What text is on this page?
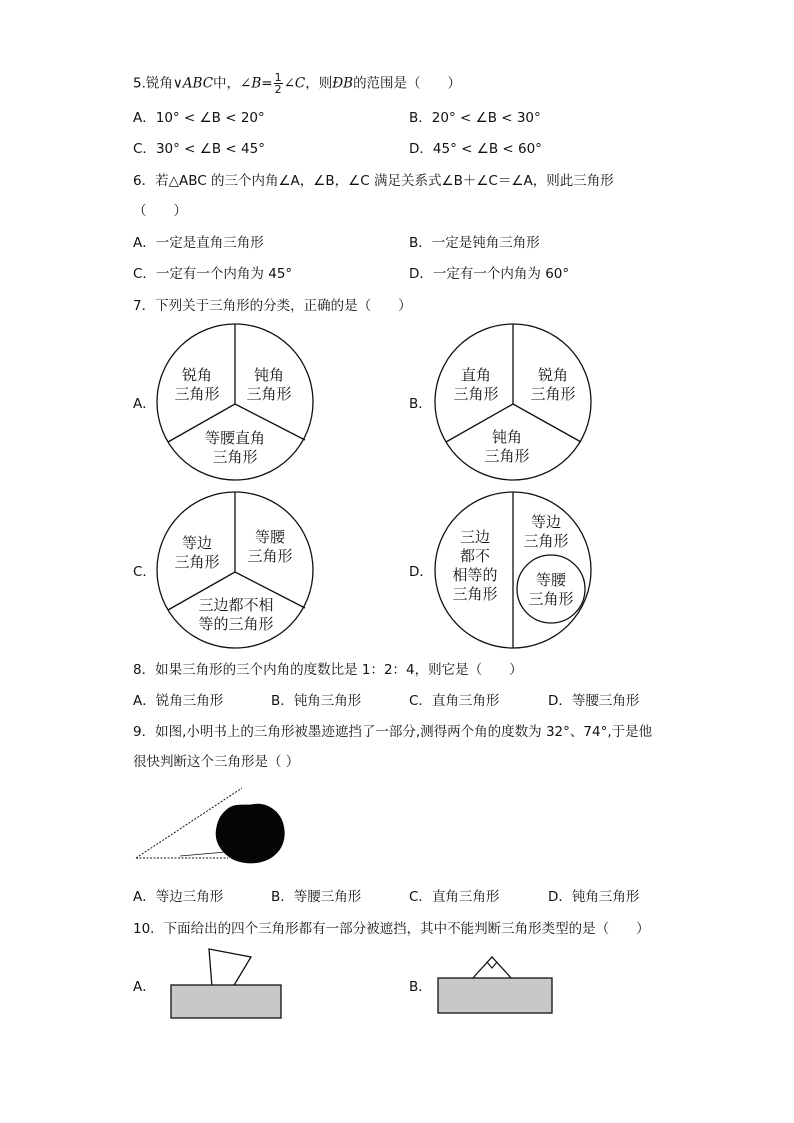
5.锐角∨ABC中，∠B= $\frac{1}{2}$ ∠C，则ÐB的范围是（　　）
A．10° < ∠B < 20°	B．20° < ∠B < 30°
C．30° < ∠B < 45°	D．45° < ∠B < 60°
6．若△ABC 的三个内角∠A，∠B，∠C 满足关系式∠B＋∠C＝∠A，则此三角形
（　　）
A．一定是直角三角形	B．一定是钝角三角形
C．一定有一个内角为 45°	D．一定有一个内角为 60°
7．下列关于三角形的分类，正确的是（　　）
A．
锐角
三角形
钝角
三角形
等腰直角
三角形
B．
直角
三角形
锐角
三角形
钝角
三角形
C．
等边
三角形
等腰
三角形
三边都不相
等的三角形
D．
三边
都不
相等的
三角形
等边
三角形
等腰
三角形
8．如果三角形的三个内角的度数比是 1：2：4，则它是（　　）
A．锐角三角形	B．钝角三角形	C．直角三角形	D．等腰三角形
9．如图,小明书上的三角形被墨迹遮挡了一部分,测得两个角的度数为 32°、74°,于是他
很快判断这个三角形是（ ）
A．等边三角形	B．等腰三角形	C．直角三角形	D．钝角三角形
10．下面给出的四个三角形都有一部分被遮挡，其中不能判断三角形类型的是（　　）
A．	B．
